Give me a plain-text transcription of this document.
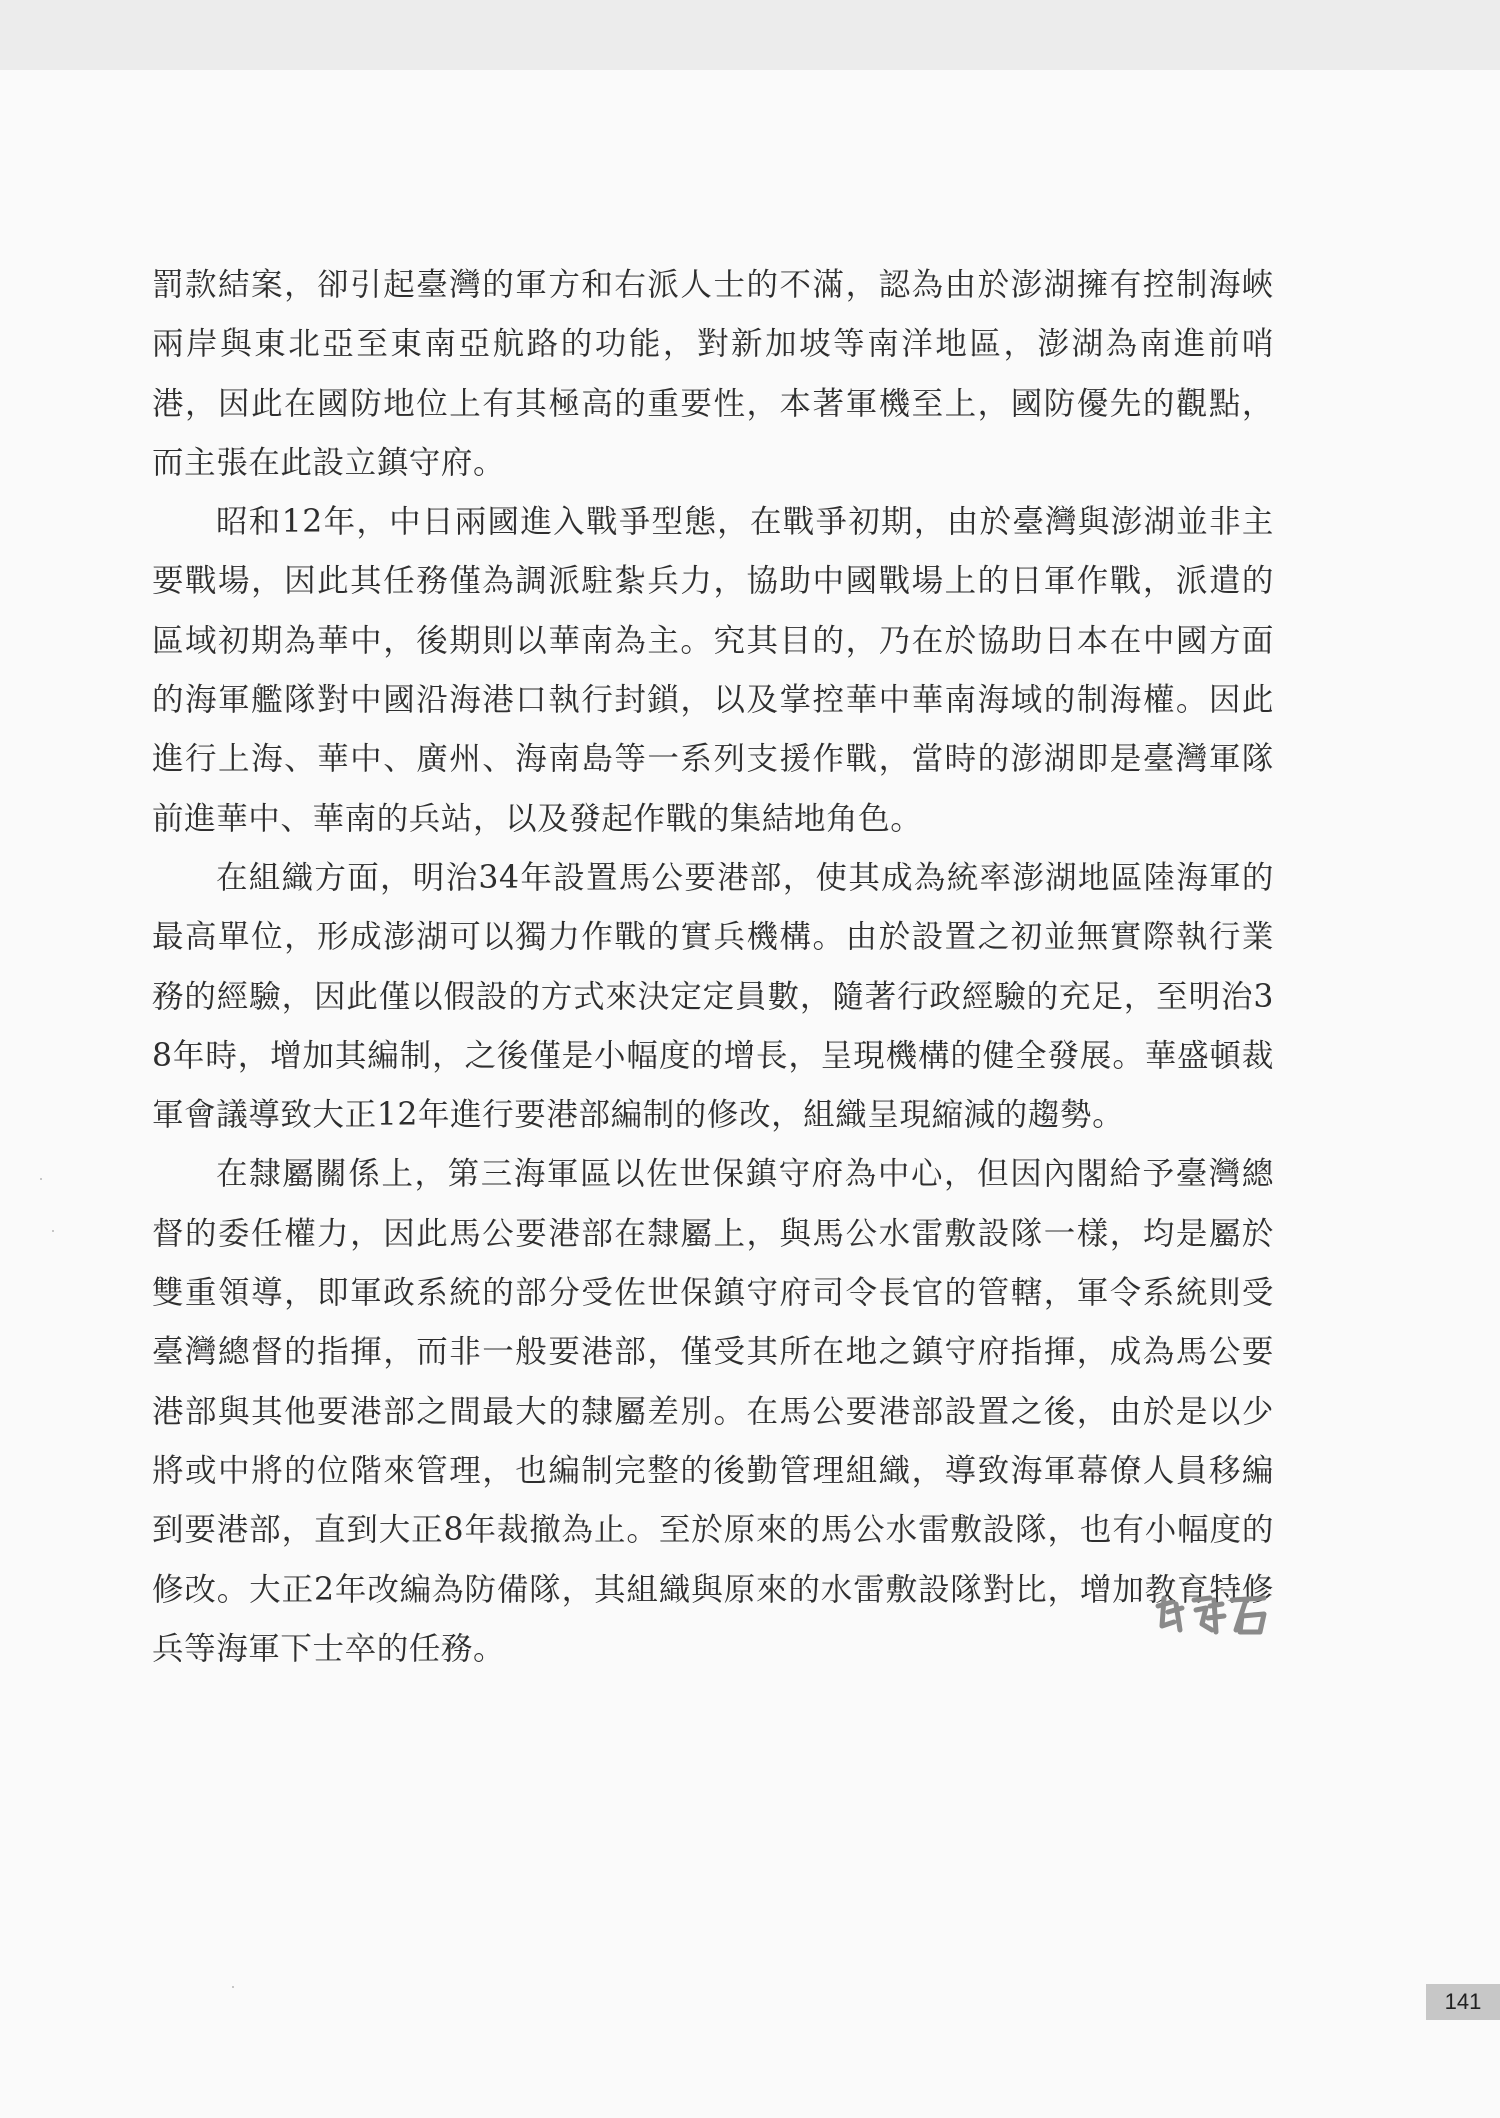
罰款結案，卻引起臺灣的軍方和右派人士的不滿，認為由於澎湖擁有控制海峽兩岸與東北亞至東南亞航路的功能，對新加坡等南洋地區，澎湖為南進前哨港，因此在國防地位上有其極高的重要性，本著軍機至上，國防優先的觀點，而主張在此設立鎮守府。

昭和12年，中日兩國進入戰爭型態，在戰爭初期，由於臺灣與澎湖並非主要戰場，因此其任務僅為調派駐紮兵力，協助中國戰場上的日軍作戰，派遣的區域初期為華中，後期則以華南為主。究其目的，乃在於協助日本在中國方面的海軍艦隊對中國沿海港口執行封鎖，以及掌控華中華南海域的制海權。因此進行上海、華中、廣州、海南島等一系列支援作戰，當時的澎湖即是臺灣軍隊前進華中、華南的兵站，以及發起作戰的集結地角色。

在組織方面，明治34年設置馬公要港部，使其成為統率澎湖地區陸海軍的最高單位，形成澎湖可以獨力作戰的實兵機構。由於設置之初並無實際執行業務的經驗，因此僅以假設的方式來決定定員數，隨著行政經驗的充足，至明治38年時，增加其編制，之後僅是小幅度的增長，呈現機構的健全發展。華盛頓裁軍會議導致大正12年進行要港部編制的修改，組織呈現縮減的趨勢。

在隸屬關係上，第三海軍區以佐世保鎮守府為中心，但因內閣給予臺灣總督的委任權力，因此馬公要港部在隸屬上，與馬公水雷敷設隊一樣，均是屬於雙重領導，即軍政系統的部分受佐世保鎮守府司令長官的管轄，軍令系統則受臺灣總督的指揮，而非一般要港部，僅受其所在地之鎮守府指揮，成為馬公要港部與其他要港部之間最大的隸屬差別。在馬公要港部設置之後，由於是以少將或中將的位階來管理，也編制完整的後勤管理組織，導致海軍幕僚人員移編到要港部，直到大正8年裁撤為止。至於原來的馬公水雷敷設隊，也有小幅度的修改。大正2年改編為防備隊，其組織與原來的水雷敷設隊對比，增加教育特修兵等海軍下士卒的任務。

141
